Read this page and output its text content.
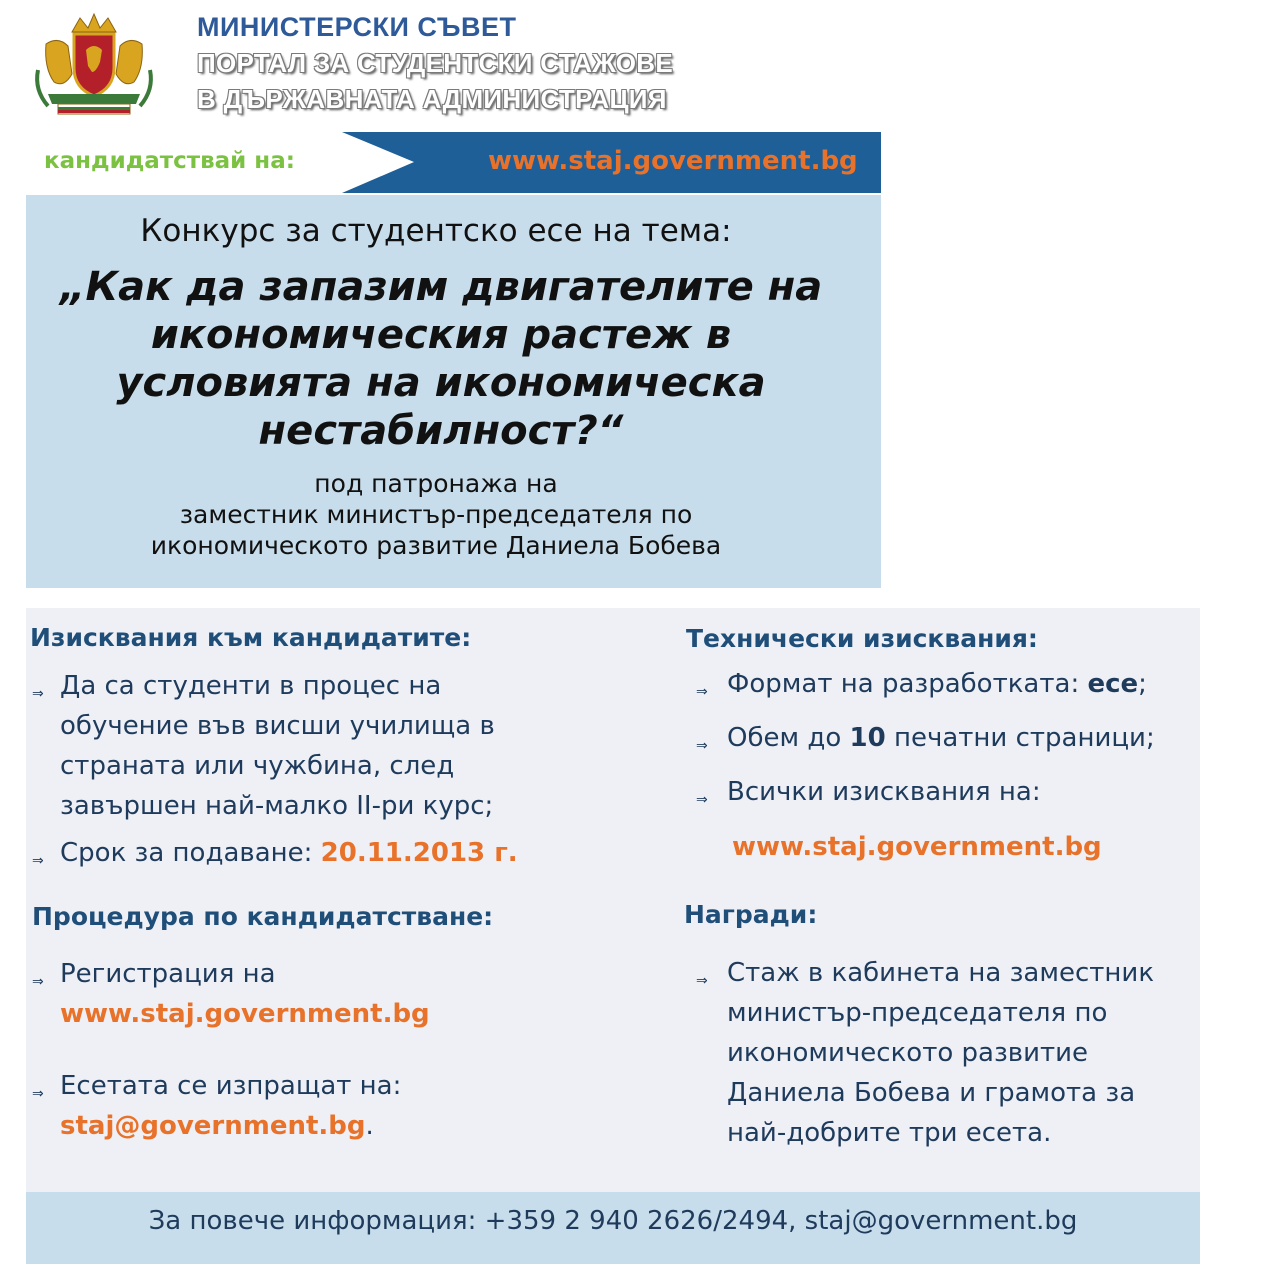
МИНИСТЕРСКИ СЪВЕТ
ПОРТАЛ ЗА СТУДЕНТСКИ СТАЖОВЕ
В ДЪРЖАВНАТА АДМИНИСТРАЦИЯ
кандидатствай на:	www.staj.government.bg
Конкурс за студентско есе на тема:
„Как да запазим двигателите на
икономическия растеж в
условията на икономическа
нестабилност?“
под патронажа на
заместник министър-председателя по
икономическото развитие Даниела Бобева
Изисквания към кандидатите:
⇒ Да са студенти в процес на
обучение във висши училища в
страната или чужбина, след
завършен най-малко II-ри курс;
⇒ Срок за подаване: 20.11.2013 г.
Процедура по кандидатстване:
⇒ Регистрация на
www.staj.government.bg
⇒ Есетата се изпращат на:
staj@government.bg.
Технически изисквания:
⇒ Формат на разработката: есе;
⇒ Обем до 10 печатни страници;
⇒ Всички изисквания на:
www.staj.government.bg
Награди:
⇒ Стаж в кабинета на заместник
министър-председателя по
икономическото развитие
Даниела Бобева и грамота за
най-добрите три есета.
За повече информация: +359 2 940 2626/2494, staj@government.bg
